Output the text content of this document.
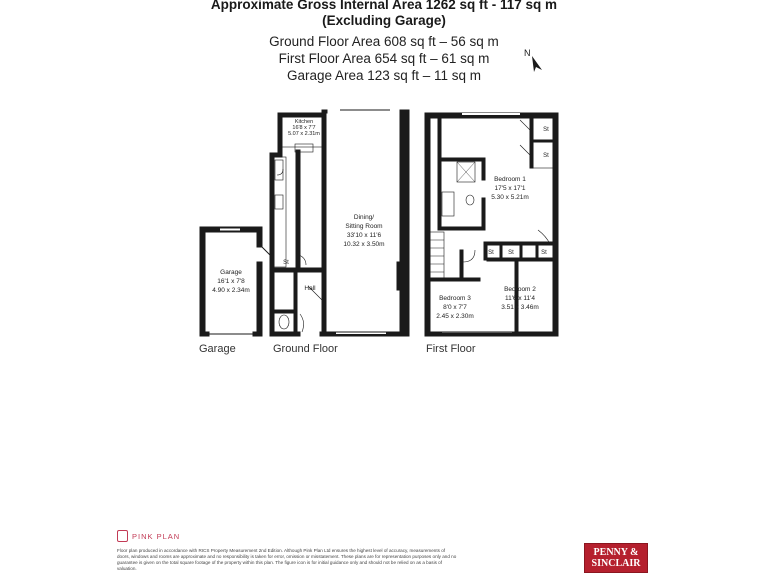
Approximate Gross Internal Area 1262 sq ft - 117 sq m
(Excluding Garage)
Ground Floor Area 608 sq ft – 56 sq m
First Floor Area 654 sq ft – 61 sq m
Garage Area 123 sq ft – 11 sq m
N
Garage
16'1 x 7'8
4.90 x 2.34m
Kitchen
16'8 x 7'7
5.07 x 2.31m
Dining/
Sitting Room
33'10 x 11'6
10.32 x 3.50m
Hall
St
Bedroom 1
17'5 x 17'1
5.30 x 5.21m
Bedroom 2
11'6 x 11'4
3.51 x 3.46m
Bedroom 3
8'0 x 7'7
2.45 x 2.30m
St
St
St St	St
Garage	Ground Floor	First Floor
PINK PLAN
Floor plan produced in accordance with RICS Property Measurement 2nd Edition. Although Pink Plan Ltd ensures the highest level of accuracy, measurements of doors, windows and rooms are approximate and no responsibility is taken for error, omission or misstatement. These plans are for representation purposes only and no guarantee is given on the total square footage of the property within this plan. The figure icon is for initial guidance only and should not be relied on as a basis of valuation.
PENNY &
SINCLAIR
